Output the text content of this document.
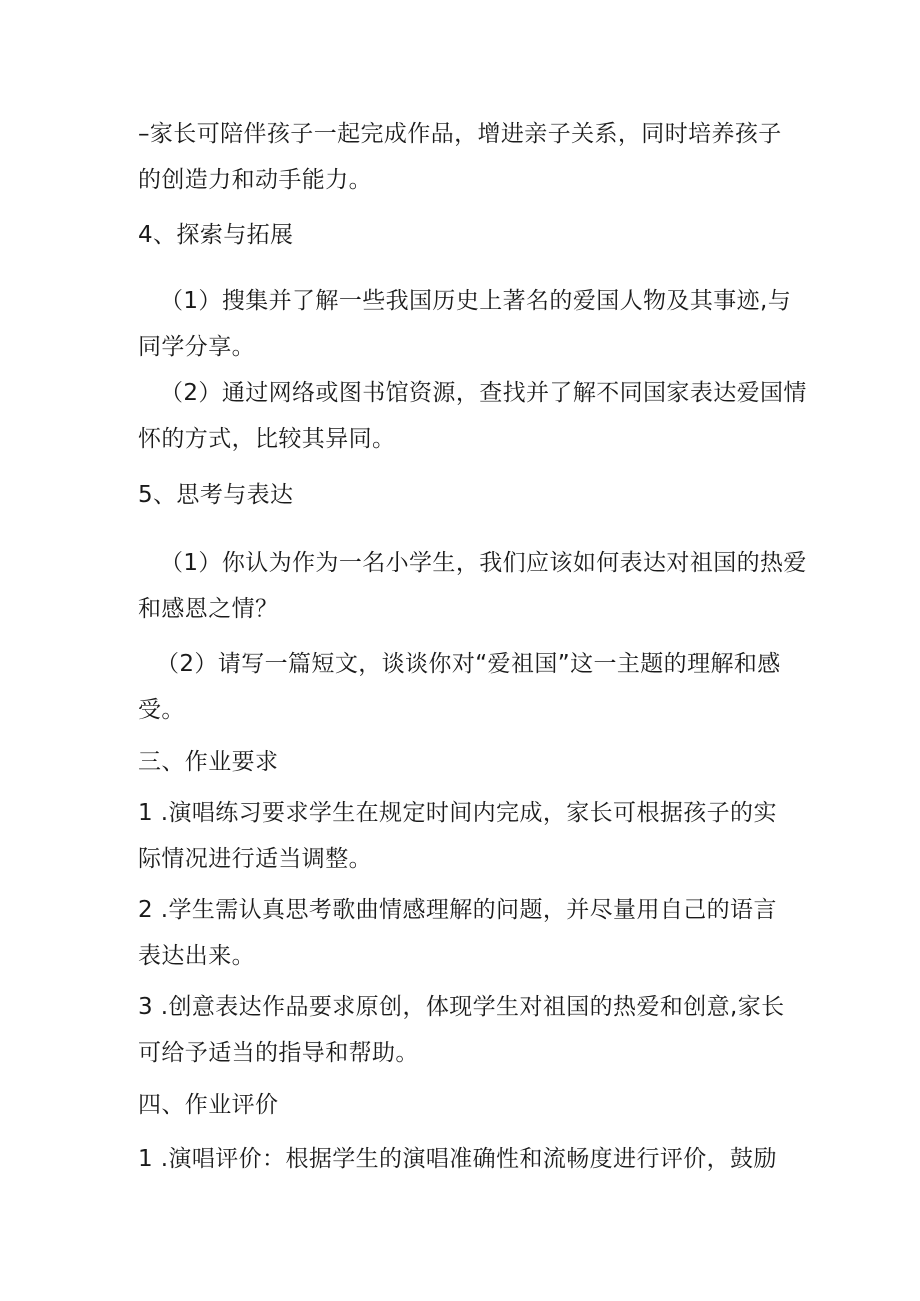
–家长可陪伴孩子一起完成作品，增进亲子关系，同时培养孩子
的创造力和动手能力。
4、探索与拓展
（1）搜集并了解一些我国历史上著名的爱国人物及其事迹,与
同学分享。
（2）通过网络或图书馆资源，查找并了解不同国家表达爱国情
怀的方式，比较其异同。
5、思考与表达
（1）你认为作为一名小学生，我们应该如何表达对祖国的热爱
和感恩之情？
（2）请写一篇短文，谈谈你对“爱祖国”这一主题的理解和感
受。
三、作业要求
1 .演唱练习要求学生在规定时间内完成，家长可根据孩子的实
际情况进行适当调整。
2 .学生需认真思考歌曲情感理解的问题，并尽量用自己的语言
表达出来。
3 .创意表达作品要求原创，体现学生对祖国的热爱和创意,家长
可给予适当的指导和帮助。
四、作业评价
1 .演唱评价：根据学生的演唱准确性和流畅度进行评价，鼓励
